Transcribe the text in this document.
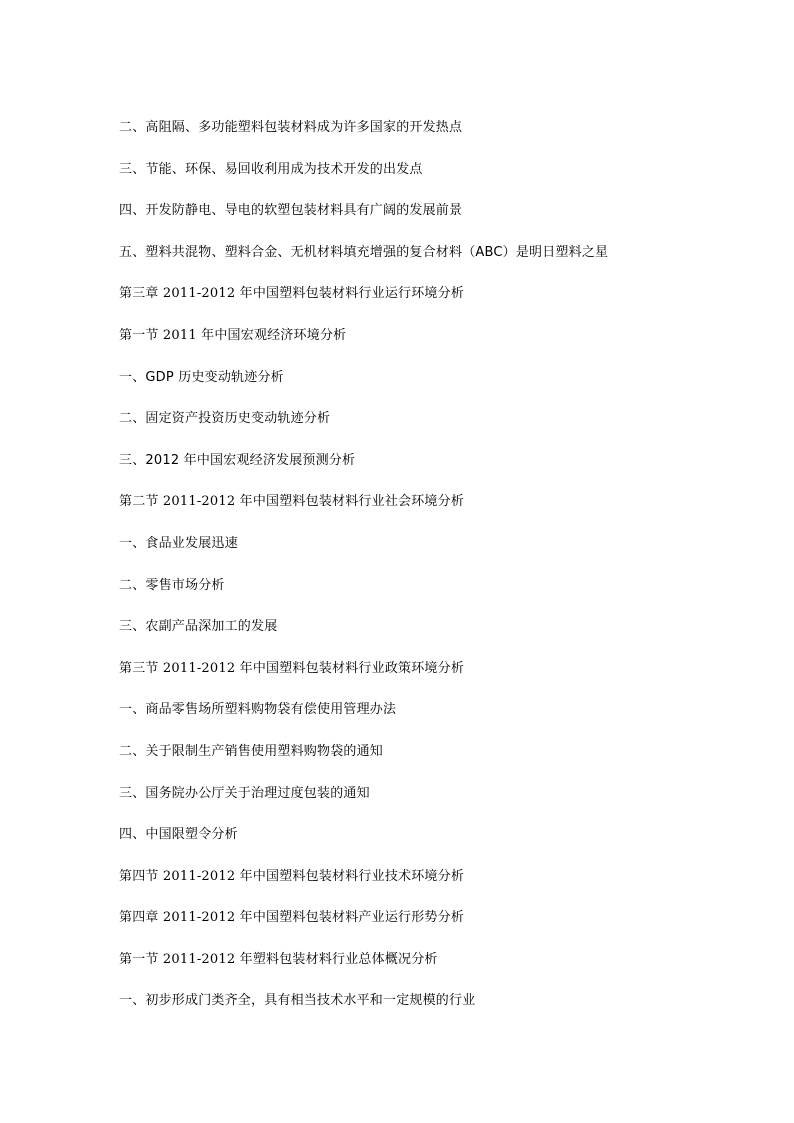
二、高阻隔、多功能塑料包装材料成为许多国家的开发热点
三、节能、环保、易回收利用成为技术开发的出发点
四、开发防静电、导电的软塑包装材料具有广阔的发展前景
五、塑料共混物、塑料合金、无机材料填充增强的复合材料（ABC）是明日塑料之星
第三章 2011-2012 年中国塑料包装材料行业运行环境分析
第一节 2011 年中国宏观经济环境分析
一、GDP 历史变动轨迹分析
二、固定资产投资历史变动轨迹分析
三、2012 年中国宏观经济发展预测分析
第二节 2011-2012 年中国塑料包装材料行业社会环境分析
一、食品业发展迅速
二、零售市场分析
三、农副产品深加工的发展
第三节 2011-2012 年中国塑料包装材料行业政策环境分析
一、商品零售场所塑料购物袋有偿使用管理办法
二、关于限制生产销售使用塑料购物袋的通知
三、国务院办公厅关于治理过度包装的通知
四、中国限塑令分析
第四节 2011-2012 年中国塑料包装材料行业技术环境分析
第四章 2011-2012 年中国塑料包装材料产业运行形势分析
第一节 2011-2012 年塑料包装材料行业总体概况分析
一、初步形成门类齐全，具有相当技术水平和一定规模的行业
